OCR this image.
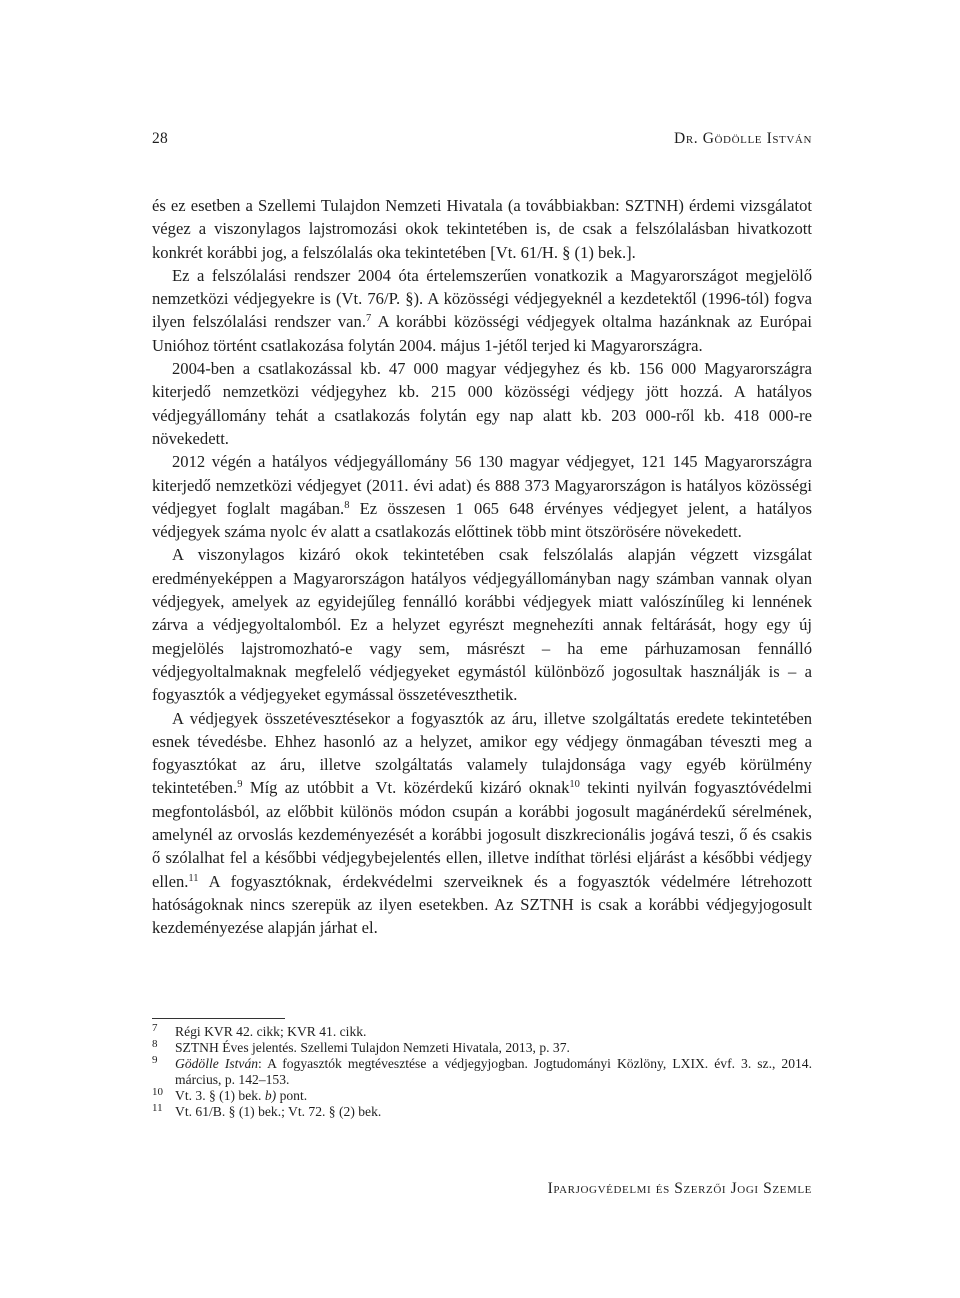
28	Dr. Gödölle István

és ez esetben a Szellemi Tulajdon Nemzeti Hivatala (a továbbiakban: SZTNH) érdemi vizsgálatot végez a viszonylagos lajstromozási okok tekintetében is, de csak a felszólalásban hivatkozott konkrét korábbi jog, a felszólalás oka tekintetében [Vt. 61/H. § (1) bek.].

Ez a felszólalási rendszer 2004 óta értelemszerűen vonatkozik a Magyarországot megjelölő nemzetközi védjegyekre is (Vt. 76/P. §). A közösségi védjegyeknél a kezdetektől (1996-tól) fogva ilyen felszólalási rendszer van.$^7$ A korábbi közösségi védjegyek oltalma hazánknak az Európai Unióhoz történt csatlakozása folytán 2004. május 1-jétől terjed ki Magyarországra.

2004-ben a csatlakozással kb. 47 000 magyar védjegyhez és kb. 156 000 Magyarországra kiterjedő nemzetközi védjegyhez kb. 215 000 közösségi védjegy jött hozzá. A hatályos védjegyállomány tehát a csatlakozás folytán egy nap alatt kb. 203 000-ről kb. 418 000-re növekedett.

2012 végén a hatályos védjegyállomány 56 130 magyar védjegyet, 121 145 Magyarországra kiterjedő nemzetközi védjegyet (2011. évi adat) és 888 373 Magyarországon is hatályos közösségi védjegyet foglalt magában.$^8$ Ez összesen 1 065 648 érvényes védjegyet jelent, a hatályos védjegyek száma nyolc év alatt a csatlakozás előttinek több mint ötszörösére növekedett.

A viszonylagos kizáró okok tekintetében csak felszólalás alapján végzett vizsgálat eredményeképpen a Magyarországon hatályos védjegyállományban nagy számban vannak olyan védjegyek, amelyek az egyidejűleg fennálló korábbi védjegyek miatt valószínűleg ki lennének zárva a védjegyoltalomból. Ez a helyzet egyrészt megnehezíti annak feltárását, hogy egy új megjelölés lajstromozható-e vagy sem, másrészt – ha eme párhuzamosan fennálló védjegyoltalmaknak megfelelő védjegyeket egymástól különböző jogosultak használják is – a fogyasztók a védjegyeket egymással összetéveszthetik.

A védjegyek összetévesztésekor a fogyasztók az áru, illetve szolgáltatás eredete tekintetében esnek tévedésbe. Ehhez hasonló az a helyzet, amikor egy védjegy önmagában téveszti meg a fogyasztókat az áru, illetve szolgáltatás valamely tulajdonsága vagy egyéb körülmény tekintetében.$^9$ Míg az utóbbit a Vt. közérdekű kizáró oknak$^{10}$ tekinti nyilván fogyasztóvédelmi megfontolásból, az előbbit különös módon csupán a korábbi jogosult magánérdekű sérelmének, amelynél az orvoslás kezdeményezését a korábbi jogosult diszkrecionális jogává teszi, ő és csakis ő szólalhat fel a későbbi védjegybejelentés ellen, illetve indíthat törlési eljárást a későbbi védjegy ellen.$^{11}$ A fogyasztóknak, érdekvédelmi szerveiknek és a fogyasztók védelmére létrehozott hatóságoknak nincs szerepük az ilyen esetekben. Az SZTNH is csak a korábbi védjegyjogosult kezdeményezése alapján járhat el.

7 Régi KVR 42. cikk; KVR 41. cikk.

8 SZTNH Éves jelentés. Szellemi Tulajdon Nemzeti Hivatala, 2013, p. 37.

9 Gödölle István: A fogyasztók megtévesztése a védjegyjogban. Jogtudományi Közlöny, LXIX. évf. 3. sz., 2014. március, p. 142–153.

10 Vt. 3. § (1) bek. b) pont.

11 Vt. 61/B. § (1) bek.; Vt. 72. § (2) bek.

Iparjogvédelmi és Szerzői Jogi Szemle
